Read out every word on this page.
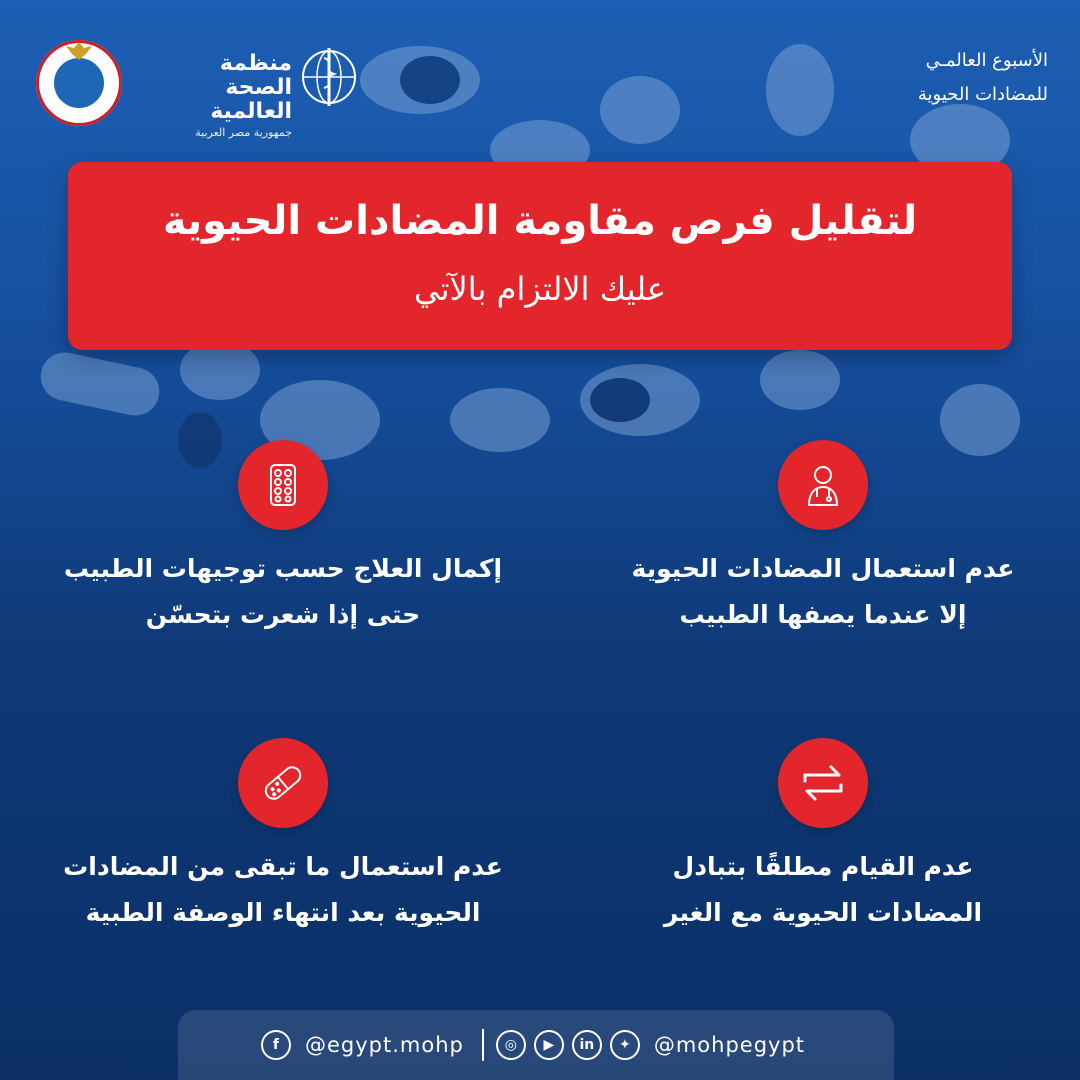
منظمة
الصحة العالمية
جمهورية مصر العربية
الأسبوع العالمـي
للمضادات الحيوية
لتقليل فرص مقاومة المضادات الحيوية
عليك الالتزام بالآتي
عدم استعمال المضادات الحيوية
إلا عندما يصفها الطبيب
إكمال العلاج حسب توجيهات الطبيب
حتى إذا شعرت بتحسّن
عدم القيام مطلقًا بتبادل
المضادات الحيوية مع الغير
عدم استعمال ما تبقى من المضادات
الحيوية بعد انتهاء الوصفة الطبية
f	@egypt.mohp	◎	▶	in	✦	@mohpegypt
